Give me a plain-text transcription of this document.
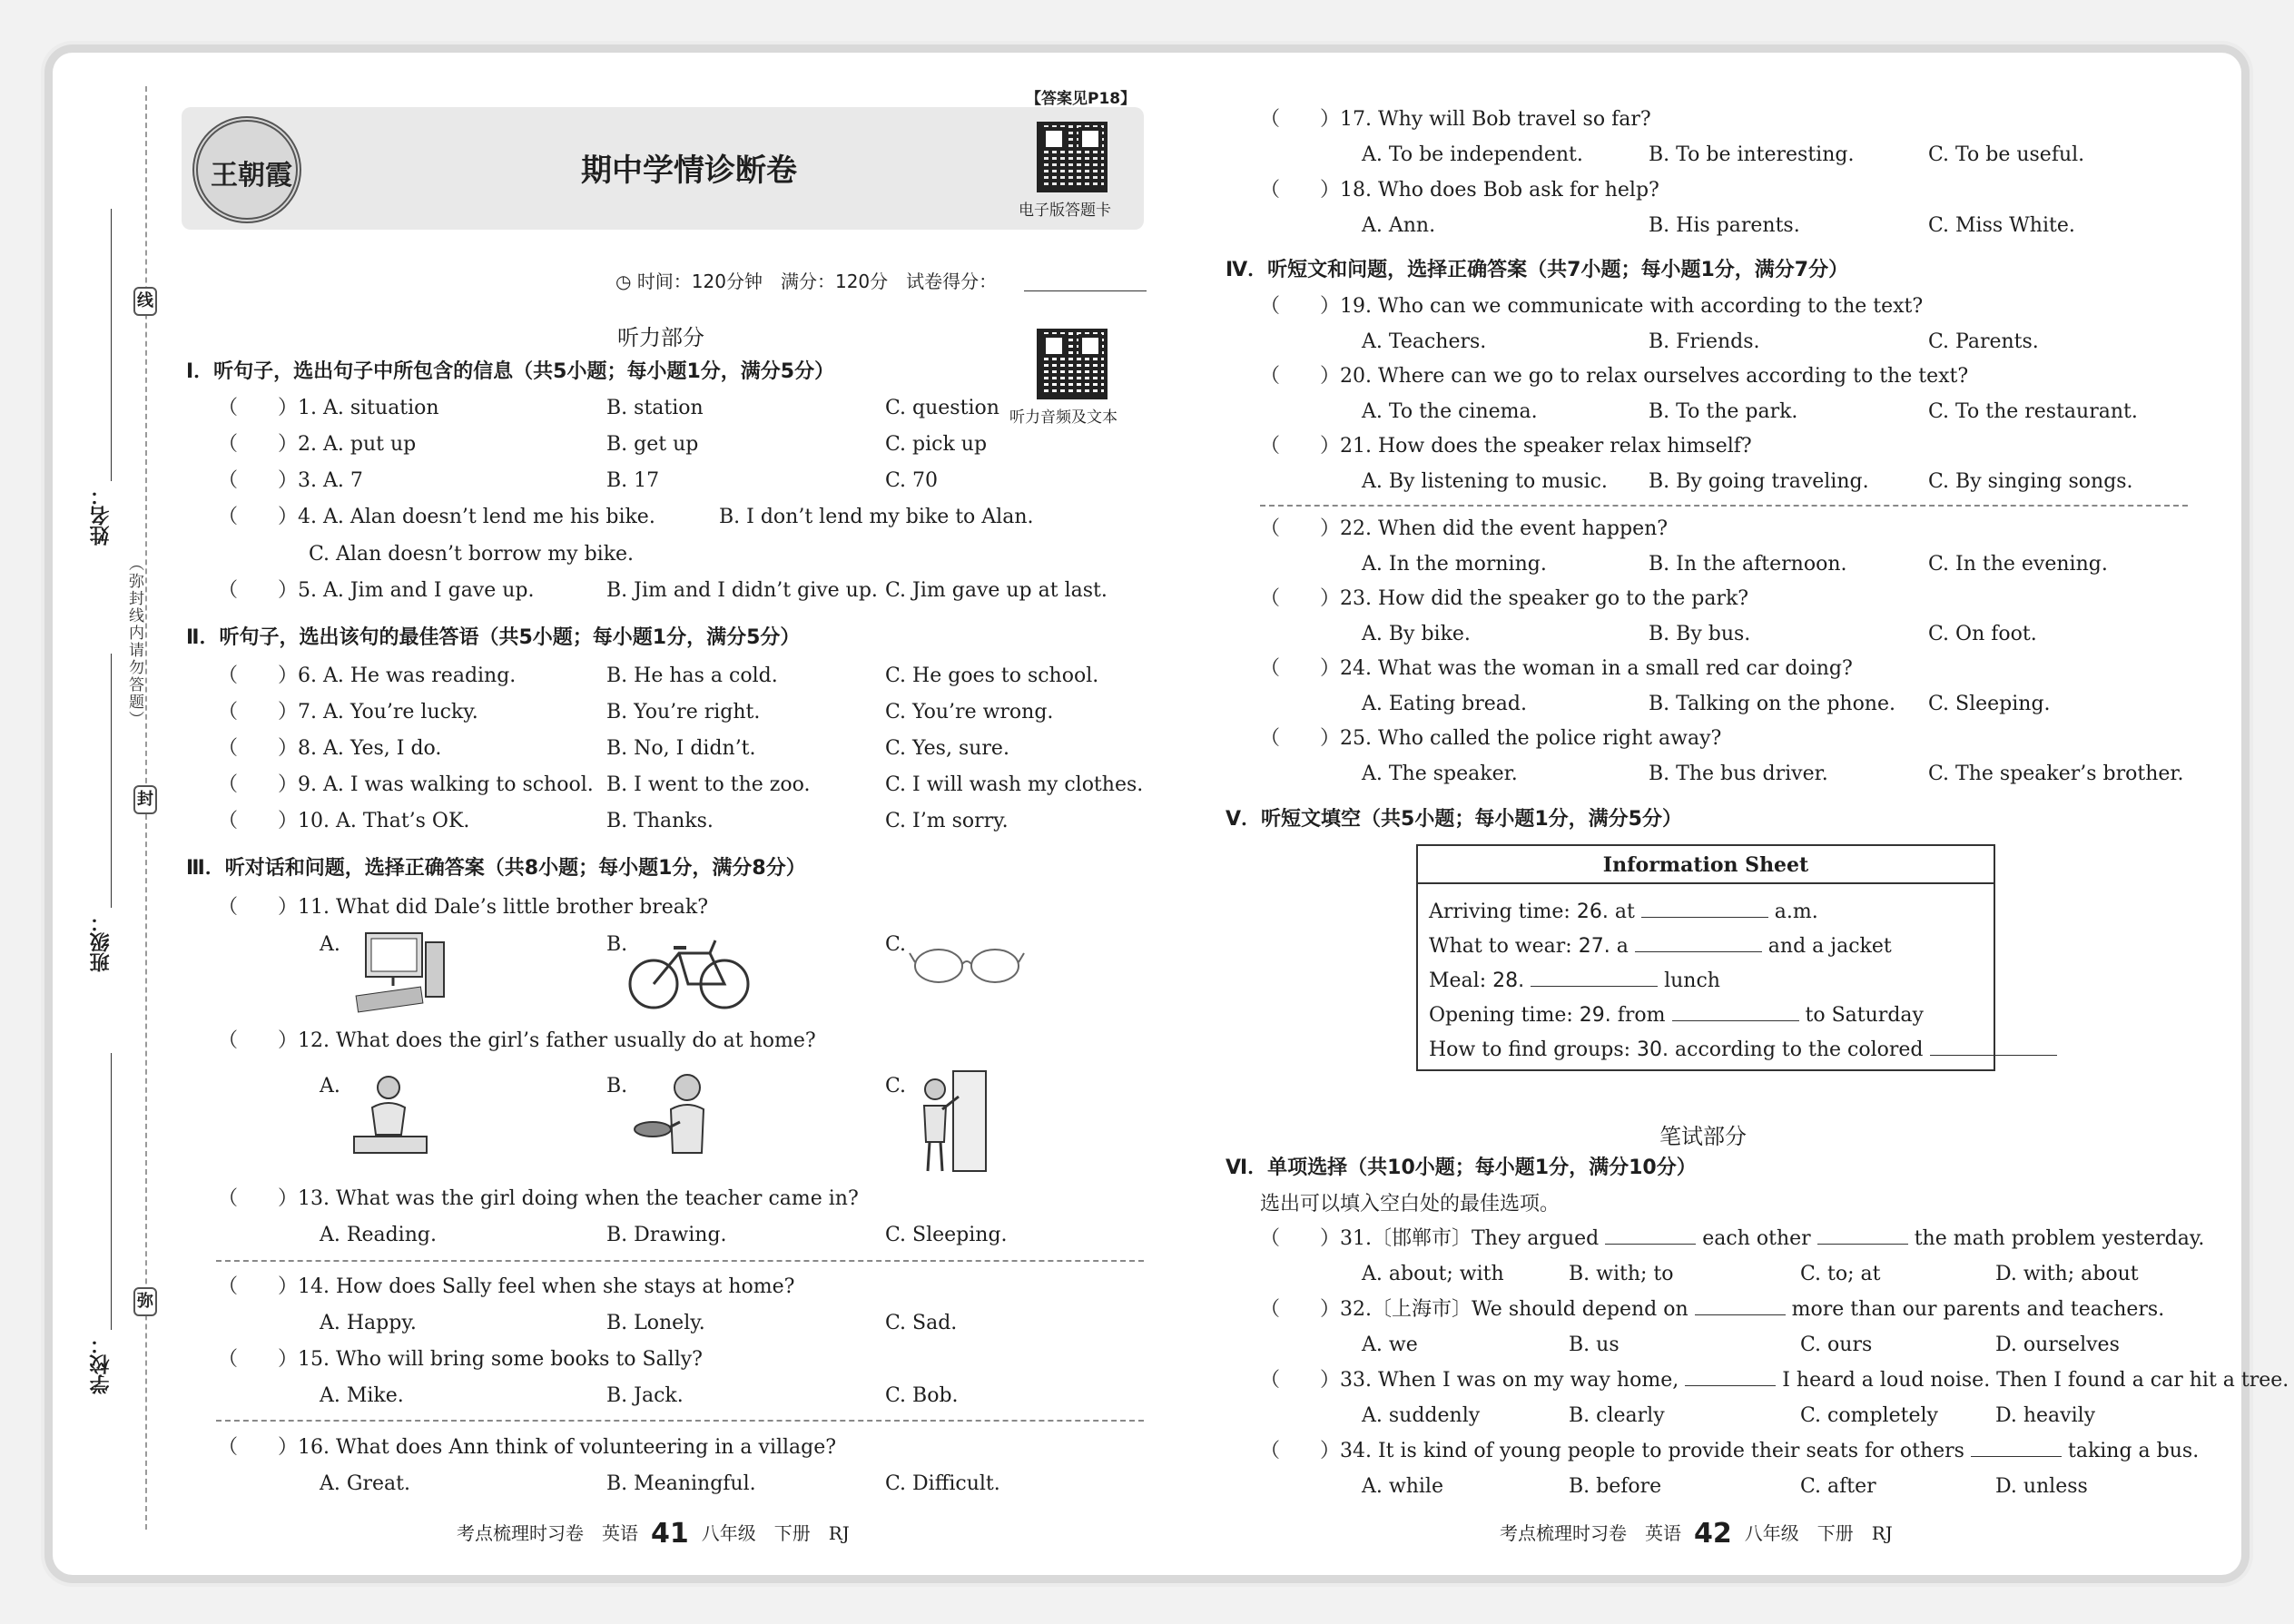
线
（弥封线内请勿答题）
封
弥
姓名：
班级：
学校：
王朝霞	期中学情诊断卷
【答案见P18】
电子版答题卡
◷ 时间：120分钟　满分：120分　试卷得分：
听力部分
听力音频及文本
Ⅰ．听句子，选出句子中所包含的信息（共5小题；每小题1分，满分5分）
（　　）1. A. situation	B. station	C. question
（　　）2. A. put up	B. get up	C. pick up
（　　）3. A. 7	B. 17	C. 70
（　　）4. A. Alan doesn’t lend me his bike.	B. I don’t lend my bike to Alan.
C. Alan doesn’t borrow my bike.
（　　）5. A. Jim and I gave up.	B. Jim and I didn’t give up. C. Jim gave up at last.
Ⅱ．听句子，选出该句的最佳答语（共5小题；每小题1分，满分5分）
（　　）6. A. He was reading.	B. He has a cold.	C. He goes to school.
（　　）7. A. You’re lucky.	B. You’re right.	C. You’re wrong.
（　　）8. A. Yes, I do.	B. No, I didn’t.	C. Yes, sure.
（　　）9. A. I was walking to school. B. I went to the zoo.	C. I will wash my clothes.
（　　）10. A. That’s OK.	B. Thanks.	C. I’m sorry.
Ⅲ．听对话和问题，选择正确答案（共8小题；每小题1分，满分8分）
（　　）11. What did Dale’s little brother break?
A.	B.	C.
（　　）12. What does the girl’s father usually do at home?
A.	B.	C.
（　　）13. What was the girl doing when the teacher came in?
A. Reading.	B. Drawing.	C. Sleeping.
（　　）14. How does Sally feel when she stays at home?
A. Happy.	B. Lonely.	C. Sad.
（　　）15. Who will bring some books to Sally?
A. Mike.	B. Jack.	C. Bob.
（　　）16. What does Ann think of volunteering in a village?
A. Great.	B. Meaningful.	C. Difficult.
考点梳理时习卷　 英语 41 八年级　 下册　 RJ
（　　）17. Why will Bob travel so far?
A. To be independent.	B. To be interesting.	C. To be useful.
（　　）18. Who does Bob ask for help?
A. Ann.	B. His parents.	C. Miss White.
Ⅳ．听短文和问题，选择正确答案（共7小题；每小题1分，满分7分）
（　　）19. Who can we communicate with according to the text?
A. Teachers.	B. Friends.	C. Parents.
（　　）20. Where can we go to relax ourselves according to the text?
A. To the cinema.	B. To the park.	C. To the restaurant.
（　　）21. How does the speaker relax himself?
A. By listening to music. B. By going traveling.	C. By singing songs.
（　　）22. When did the event happen?
A. In the morning.	B. In the afternoon.	C. In the evening.
（　　）23. How did the speaker go to the park?
A. By bike.	B. By bus.	C. On foot.
（　　）24. What was the woman in a small red car doing?
A. Eating bread.	B. Talking on the phone. C. Sleeping.
（　　）25. Who called the police right away?
A. The speaker.	B. The bus driver.	C. The speaker’s brother.
Ⅴ．听短文填空（共5小题；每小题1分，满分5分）
Information Sheet
Arriving time: 26. at	a.m.
What to wear: 27. a	and a jacket
Meal: 28.	lunch
Opening time: 29. from	to Saturday
How to find groups: 30. according to the colored
笔试部分
Ⅵ．单项选择（共10小题；每小题1分，满分10分）
选出可以填入空白处的最佳选项。
（　　）31.〔邯郸市〕They argued	each other	the math problem yesterday.
A. about; with	B. with; to	C. to; at	D. with; about
（　　）32.〔上海市〕We should depend on	more than our parents and teachers.
A. we	B. us	C. ours	D. ourselves
（　　）33. When I was on my way home,	I heard a loud noise. Then I found a car hit a tree.
A. suddenly	B. clearly	C. completely	D. heavily
（　　）34. It is kind of young people to provide their seats for others	taking a bus.
A. while	B. before	C. after	D. unless
考点梳理时习卷　 英语 42 八年级　 下册　 RJ
